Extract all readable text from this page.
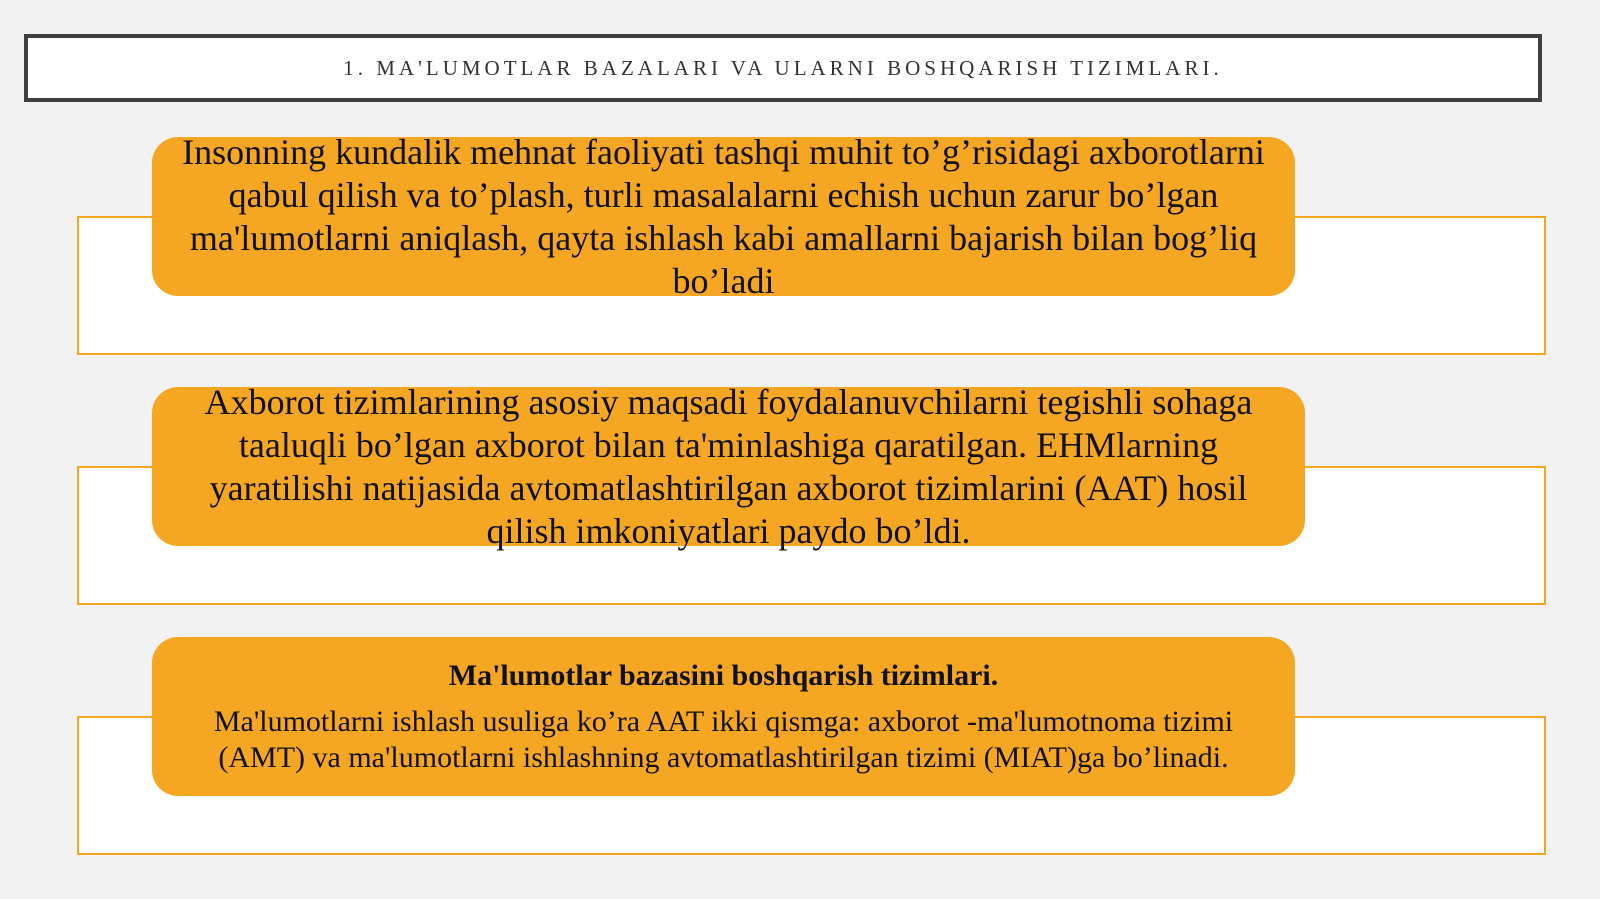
1. MA'LUMOTLAR BAZALARI VA ULARNI BOSHQARISH TIZIMLARI.
Insonning kundalik mehnat faoliyati tashqi muhit to’g’risidagi axborotlarni qabul qilish va to’plash, turli masalalarni echish uchun zarur bo’lgan ma'lumotlarni aniqlash, qayta ishlash kabi amallarni bajarish bilan bog’liq bo’ladi
Axborot tizimlarining asosiy maqsadi foydalanuvchilarni tegishli sohaga taaluqli bo’lgan axborot bilan ta'minlashiga qaratilgan. EHMlarning yaratilishi natijasida avtomatlashtirilgan axborot tizimlarini (AAT) hosil qilish imkoniyatlari paydo bo’ldi.
Ma'lumotlar bazasini boshqarish tizimlari.
Ma'lumotlarni ishlash usuliga ko’ra AAT ikki qismga: axborot -ma'lumotnoma tizimi (AMT) va ma'lumotlarni ishlashning avtomatlashtirilgan tizimi (MIAT)ga bo’linadi.
